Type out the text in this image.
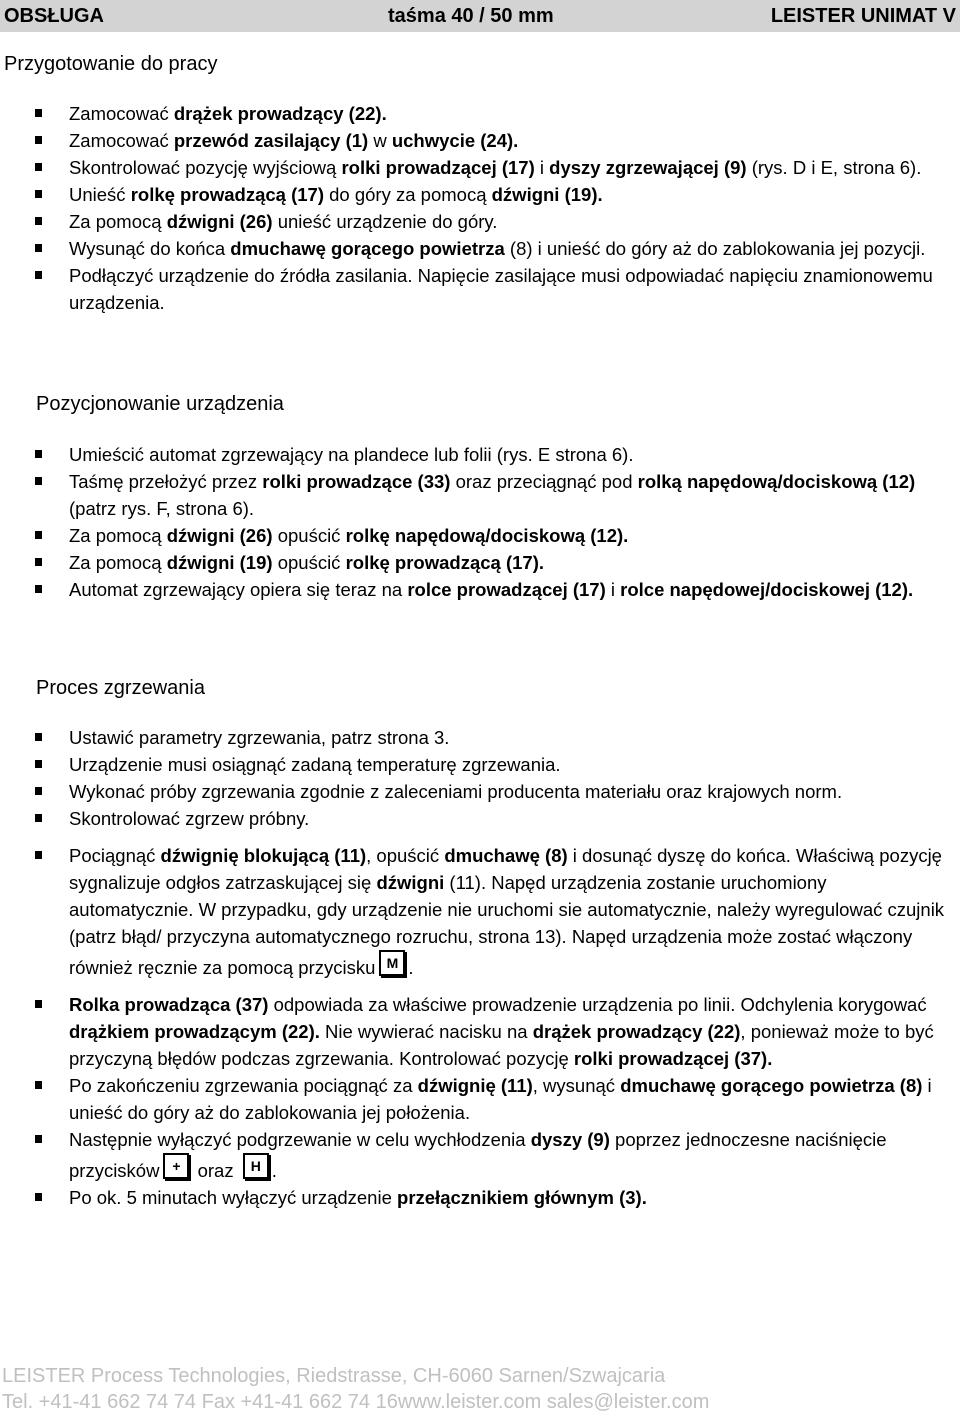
OBSŁUGA	taśma 40 / 50 mm	LEISTER UNIMAT V
Przygotowanie do pracy
Zamocować drążek prowadzący (22).
Zamocować przewód zasilający (1) w uchwycie (24).
Skontrolować pozycję wyjściową rolki prowadzącej (17) i dyszy zgrzewającej (9) (rys. D i E, strona 6).
Unieść rolkę prowadzącą (17) do góry za pomocą dźwigni (19).
Za pomocą dźwigni (26) unieść urządzenie do góry.
Wysunąć do końca dmuchawę gorącego powietrza (8) i unieść do góry aż do zablokowania jej pozycji.
Podłączyć urządzenie do źródła zasilania. Napięcie zasilające musi odpowiadać napięciu znamionowemu urządzenia.
Pozycjonowanie urządzenia
Umieścić automat zgrzewający na plandece lub folii (rys. E strona 6).
Taśmę przełożyć przez rolki prowadzące (33) oraz przeciągnąć pod rolką napędową/dociskową (12) (patrz rys. F, strona 6).
Za pomocą dźwigni (26) opuścić rolkę napędową/dociskową (12).
Za pomocą dźwigni (19) opuścić rolkę prowadzącą (17).
Automat zgrzewający opiera się teraz na rolce prowadzącej (17) i rolce napędowej/dociskowej (12).
Proces zgrzewania
Ustawić parametry zgrzewania, patrz strona 3.
Urządzenie musi osiągnąć zadaną temperaturę zgrzewania.
Wykonać próby zgrzewania zgodnie z zaleceniami producenta materiału oraz krajowych norm.
Skontrolować zgrzew próbny.
Pociągnąć dźwignię blokującą (11), opuścić dmuchawę (8) i dosunąć dyszę do końca. Właściwą pozycję sygnalizuje odgłos zatrzaskującej się dźwigni (11). Napęd urządzenia zostanie uruchomiony automatycznie. W przypadku, gdy urządzenie nie uruchomi sie automatycznie, należy wyregulować czujnik (patrz błąd/ przyczyna automatycznego rozruchu, strona 13). Napęd urządzenia może zostać włączony również ręcznie za pomocą przycisku M .
Rolka prowadząca (37) odpowiada za właściwe prowadzenie urządzenia po linii. Odchylenia korygować drążkiem prowadzącym (22). Nie wywierać nacisku na drążek prowadzący (22), ponieważ może to być przyczyną błędów podczas zgrzewania. Kontrolować pozycję rolki prowadzącej (37).
Po zakończeniu zgrzewania pociągnąć za dźwignię (11), wysunąć dmuchawę gorącego powietrza (8) i unieść do góry aż do zablokowania jej położenia.
Następnie wyłączyć podgrzewanie w celu wychłodzenia dyszy (9) poprzez jednoczesne naciśnięcie przycisków + oraz H .
Po ok. 5 minutach wyłączyć urządzenie przełącznikiem głównym (3).
LEISTER Process Technologies, Riedstrasse, CH-6060 Sarnen/Szwajcaria
Tel. +41-41 662 74 74 Fax +41-41 662 74 16www.leister.com sales@leister.com
